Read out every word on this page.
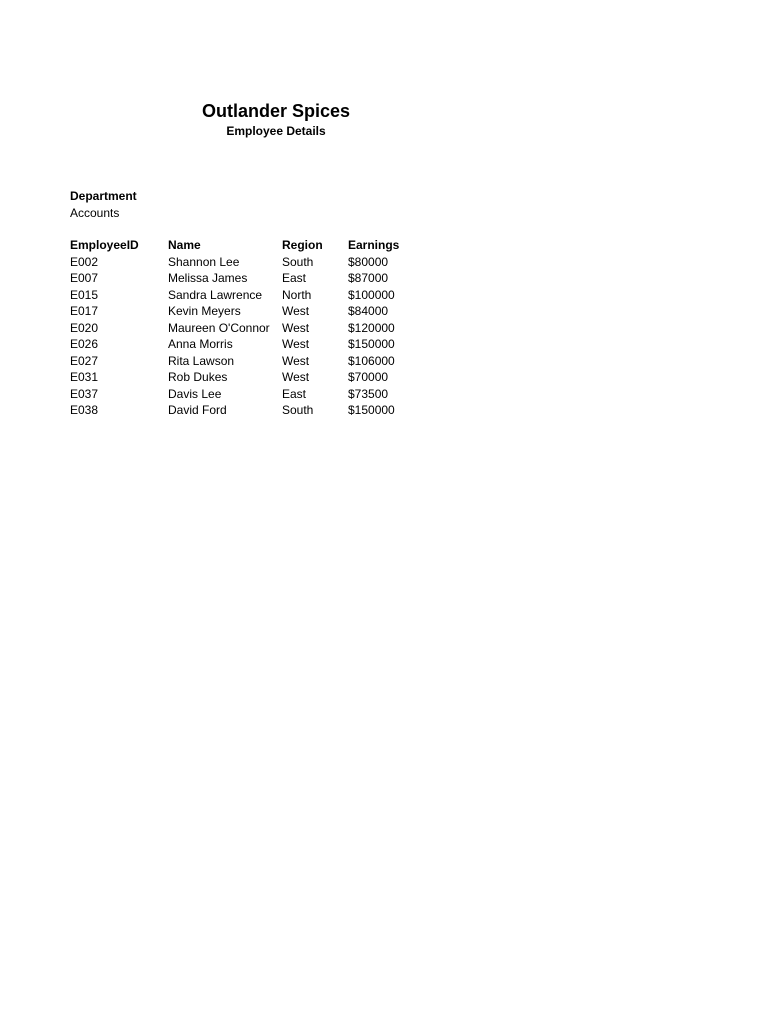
Outlander Spices
Employee Details
Department
Accounts
EmployeeID	Name	Region	Earnings
E002	Shannon Lee	South	$80000
E007	Melissa James	East	$87000
E015	Sandra Lawrence	North	$100000
E017	Kevin Meyers	West	$84000
E020	Maureen O'Connor	West	$120000
E026	Anna Morris	West	$150000
E027	Rita Lawson	West	$106000
E031	Rob Dukes	West	$70000
E037	Davis Lee	East	$73500
E038	David Ford	South	$150000
